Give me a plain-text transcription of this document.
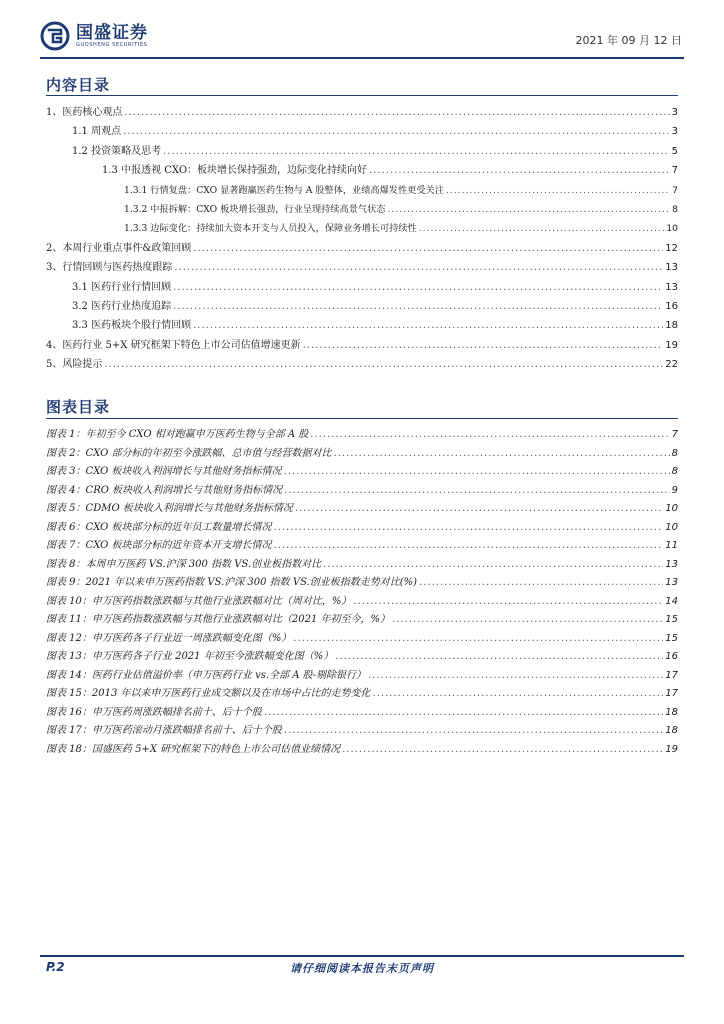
国盛证券
GUOSHENG SECURITIES	2021 年 09 月 12 日
内容目录
1、医药核心观点 .....	3
1.1 周观点 .....	3
1.2 投资策略及思考 .....	5
1.3 中报透视 CXO：板块增长保持强劲，边际变化持续向好 .....	7
1.3.1 行情复盘：CXO 显著跑赢医药生物与 A 股整体，业绩高爆发性更受关注 .....	7
1.3.2 中报拆解：CXO 板块增长强劲，行业呈现持续高景气状态 .....	8
1.3.3 边际变化：持续加大资本开支与人员投入，保障业务增长可持续性 .....	10
2、本周行业重点事件&政策回顾 .....	12
3、行情回顾与医药热度跟踪 .....	13
3.1 医药行业行情回顾 .....	13
3.2 医药行业热度追踪 .....	16
3.3 医药板块个股行情回顾 .....	18
4、医药行业 5+X 研究框架下特色上市公司估值增速更新 .....	19
5、风险提示 .....	22
图表目录
图表 1：年初至今 CXO 相对跑赢申万医药生物与全部 A 股 .....	7
图表 2：CXO 部分标的年初至今涨跌幅、总市值与经营数据对比 .....	8
图表 3：CXO 板块收入利润增长与其他财务指标情况 .....	8
图表 4：CRO 板块收入利润增长与其他财务指标情况 .....	9
图表 5：CDMO 板块收入利润增长与其他财务指标情况 .....	10
图表 6：CXO 板块部分标的近年员工数量增长情况 .....	10
图表 7：CXO 板块部分标的近年资本开支增长情况 .....	11
图表 8：本周申万医药 VS.沪深 300 指数 VS.创业板指数对比 .....	13
图表 9：2021 年以来申万医药指数 VS.沪深 300 指数 VS.创业板指数走势对比(%) .....	13
图表 10：申万医药指数涨跌幅与其他行业涨跌幅对比（周对比，%） .....	14
图表 11：申万医药指数涨跌幅与其他行业涨跌幅对比（2021 年初至今，%） .....	15
图表 12：申万医药各子行业近一周涨跌幅变化图（%） .....	15
图表 13：申万医药各子行业 2021 年初至今涨跌幅变化图（%） .....	16
图表 14：医药行业估值溢价率（申万医药行业 vs.全部 A 股-剔除银行） .....	17
图表 15：2013 年以来申万医药行业成交额以及在市场中占比的走势变化 .....	17
图表 16：申万医药周涨跌幅排名前十、后十个股 .....	18
图表 17：申万医药滚动月涨跌幅排名前十、后十个股 .....	18
图表 18：国盛医药 5+X 研究框架下的特色上市公司估值业绩情况 .....	19
P.2	请仔细阅读本报告末页声明
